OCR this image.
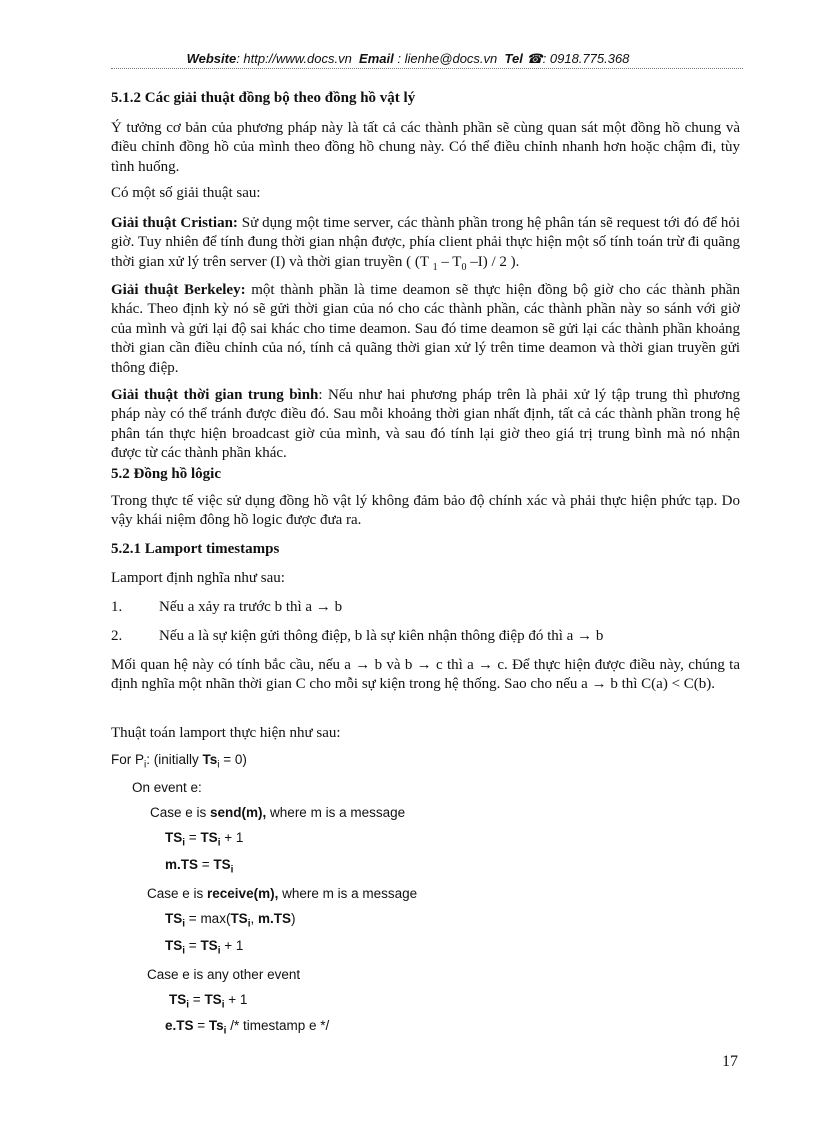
Website: http://www.docs.vn Email : lienhe@docs.vn Tel ☎: 0918.775.368
5.1.2 Các giải thuật đồng bộ theo đồng hồ vật lý
Ý tưởng cơ bản của phương pháp này là tất cả các thành phần sẽ cùng quan sát một đồng hồ chung và điều chỉnh đồng hồ của mình theo đồng hồ chung này. Có thể điều chỉnh nhanh hơn hoặc chậm đi, tùy tình huống.
Có một số giải thuật sau:
Giải thuật Cristian: Sử dụng một time server, các thành phần trong hệ phân tán sẽ request tới đó để hỏi giờ. Tuy nhiên để tính đung thời gian nhận được, phía client phải thực hiện một số tính toán trừ đi quãng thời gian xử lý trên server (I) và thời gian truyền ( (T $_1 - T_0$ –I) / 2 ).
Giải thuật Berkeley: một thành phần là time deamon sẽ thực hiện đồng bộ giờ cho các thành phần khác. Theo định kỳ nó sẽ gửi thời gian của nó cho các thành phần, các thành phần này so sánh với giờ của mình và gửi lại độ sai khác cho time deamon. Sau đó time deamon sẽ gửi lại các thành phần khoảng thời gian cần điều chỉnh của nó, tính cả quãng thời gian xử lý trên time deamon và thời gian truyền gửi thông điệp.
Giải thuật thời gian trung bình: Nếu như hai phương pháp trên là phải xử lý tập trung thì phương pháp này có thể tránh được điều đó. Sau mỗi khoảng thời gian nhất định, tất cả các thành phần trong hệ phân tán thực hiện broadcast giờ của mình, và sau đó tính lại giờ theo giá trị trung bình mà nó nhận được từ các thành phần khác.
5.2 Đồng hồ lôgic
Trong thực tế việc sử dụng đồng hồ vật lý không đảm bảo độ chính xác và phải thực hiện phức tạp. Do vậy khái niệm đông hồ logic được đưa ra.
5.2.1 Lamport timestamps
Lamport định nghĩa như sau:
1. Nếu a xảy ra trước b thì a → b
2. Nếu a là sự kiện gửi thông điệp, b là sự kiên nhận thông điệp đó thì a → b
Mối quan hệ này có tính bắc cầu, nếu a → b và b → c thì a → c. Để thực hiện được điều này, chúng ta định nghĩa một nhãn thời gian C cho mỗi sự kiện trong hệ thống. Sao cho nếu a → b thì C(a) < C(b).
Thuật toán lamport thực hiện như sau:
For $P_i$: (initially $Ts_i = 0$)
On event e:
Case e is send(m), where m is a message
$TS_i = TS_i + 1$
$m.TS = TS_i$
Case e is receive(m), where m is a message
$TS_i = \max(TS_i$, m.TS)
$TS_i = TS_i + 1$
Case e is any other event
$TS_i = TS_i + 1$
$e.TS = Ts_i$ /* timestamp e */
17
